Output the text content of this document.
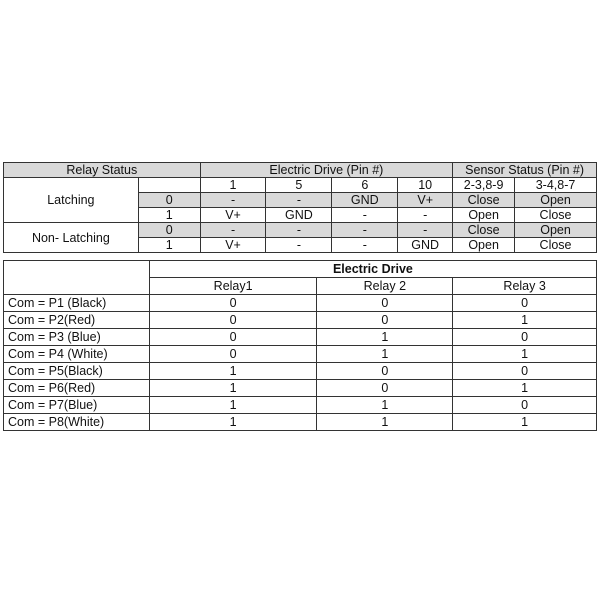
Relay Status		Electric Drive (Pin #)				Sensor Status (Pin #)	
Latching		1	5	6	10	2-3,8-9	3-4,8-7
	0	-	-	GND	V+	Close	Open
	1	V+	GND	-	-	Open	Close
Non- Latching	0	-	-	-	-	Close	Open
	1	V+	-	-	GND	Open	Close
	Electric Drive		
	Relay1	Relay 2	Relay 3
Com = P1 (Black)	0	0	0
Com = P2(Red)	0	0	1
Com = P3 (Blue)	0	1	0
Com = P4 (White)	0	1	1
Com = P5(Black)	1	0	0
Com = P6(Red)	1	0	1
Com = P7(Blue)	1	1	0
Com = P8(White)	1	1	1
